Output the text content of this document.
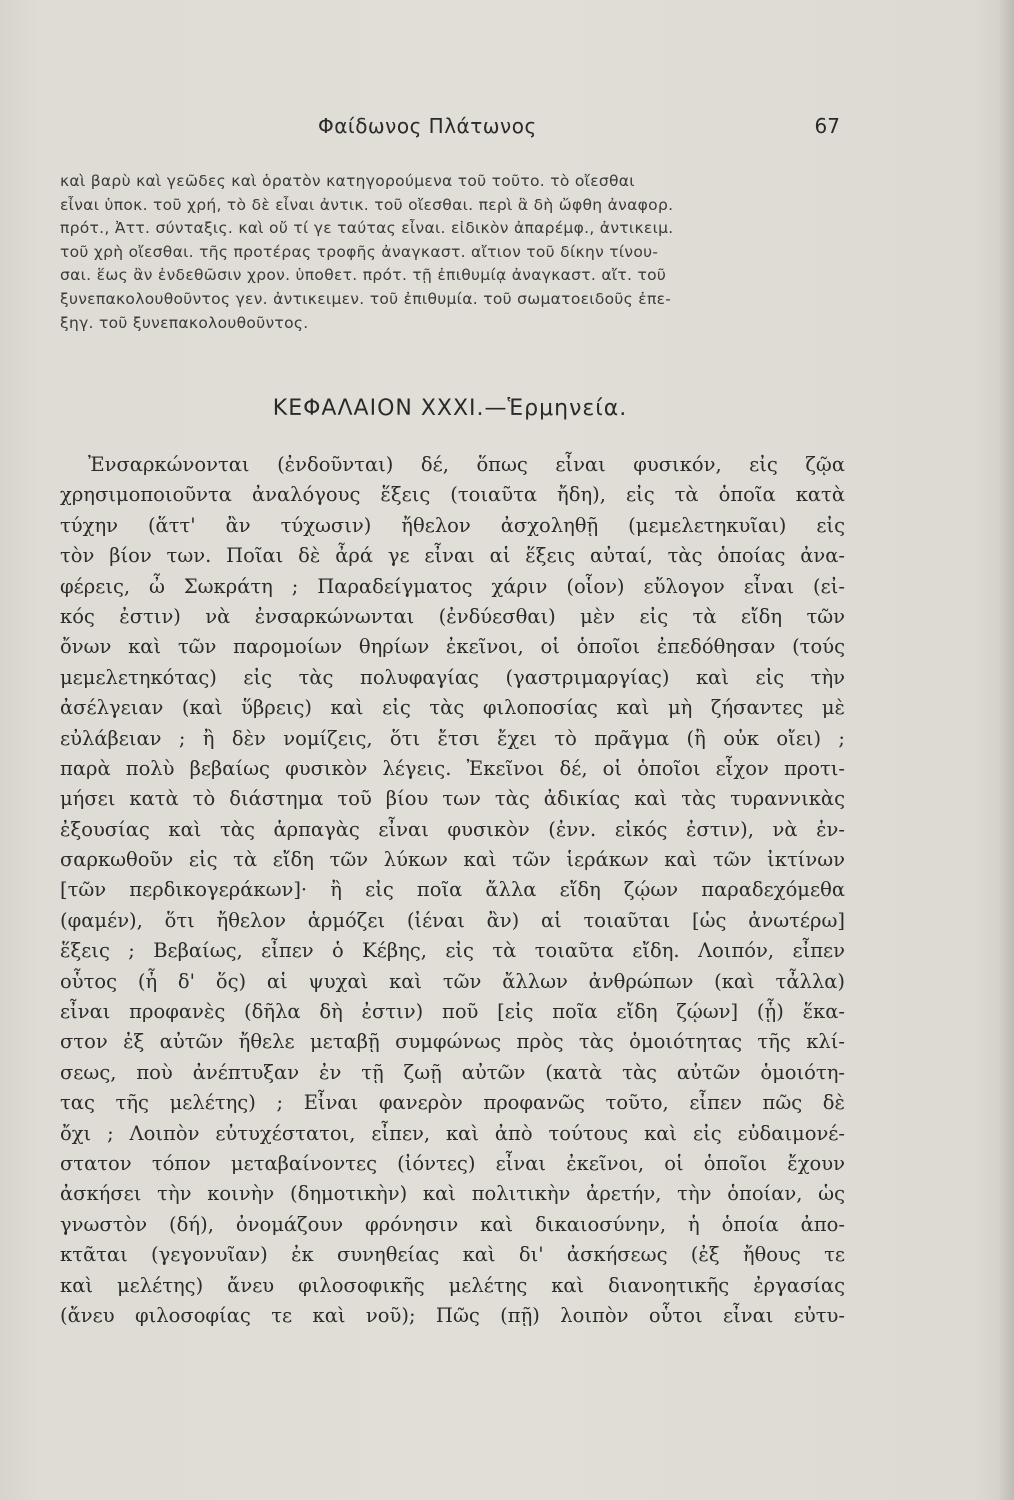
Φαίδωνος Πλάτωνος	67
καὶ βαρὺ καὶ γεῶδες καὶ ὁρατὸν κατηγορούμενα τοῦ τοῦτο. τὸ οἴεσθαι
εἶναι ὑποκ. τοῦ χρή, τὸ δὲ εἶναι ἀντικ. τοῦ οἴεσθαι. περὶ ἃ δὴ ὤφθη ἀναφορ.
πρότ., Ἀττ. σύνταξις. καὶ οὔ τί γε ταύτας εἶναι. εἰδικὸν ἀπαρέμφ., ἀντικειμ.
τοῦ χρὴ οἴεσθαι. τῆς προτέρας τροφῆς ἀναγκαστ. αἴτιον τοῦ δίκην τίνου-
σαι. ἕως ἂν ἐνδεθῶσιν χρον. ὑποθετ. πρότ. τῇ ἐπιθυμίᾳ ἀναγκαστ. αἴτ. τοῦ
ξυνεπακολουθοῦντος γεν. ἀντικειμεν. τοῦ ἐπιθυμία. τοῦ σωματοειδοῦς ἐπε-
ξηγ. τοῦ ξυνεπακολουθοῦντος.
ΚΕΦΑΛΑΙΟΝ XXXI.—Ἑρμηνεία.
Ἐνσαρκώνονται (ἐνδοῦνται) δέ, ὅπως εἶναι φυσικόν, εἰς ζῷα
χρησιμοποιοῦντα ἀναλόγους ἕξεις (τοιαῦτα ἤδη), εἰς τὰ ὁποῖα κατὰ
τύχην (ἅττ' ἂν τύχωσιν) ἤθελον ἀσχοληθῇ (μεμελετηκυῖαι) εἰς
τὸν βίον των. Ποῖαι δὲ ἆρά γε εἶναι αἱ ἕξεις αὐταί, τὰς ὁποίας ἀνα-
φέρεις, ὦ Σωκράτη ; Παραδείγματος χάριν (οἷον) εὔλογον εἶναι (εἰ-
κός ἐστιν) νὰ ἐνσαρκώνωνται (ἐνδύεσθαι) μὲν εἰς τὰ εἴδη τῶν
ὄνων καὶ τῶν παρομοίων θηρίων ἐκεῖνοι, οἱ ὁποῖοι ἐπεδόθησαν (τούς
μεμελετηκότας) εἰς τὰς πολυφαγίας (γαστριμαργίας) καὶ εἰς τὴν
ἀσέλγειαν (καὶ ὕβρεις) καὶ εἰς τὰς φιλοποσίας καὶ μὴ ζήσαντες μὲ
εὐλάβειαν ; ἢ δὲν νομίζεις, ὅτι ἔτσι ἔχει τὸ πρᾶγμα (ἢ οὐκ οἴει) ;
παρὰ πολὺ βεβαίως φυσικὸν λέγεις. Ἐκεῖνοι δέ, οἱ ὁποῖοι εἶχον προτι-
μήσει κατὰ τὸ διάστημα τοῦ βίου των τὰς ἀδικίας καὶ τὰς τυραννικὰς
ἐξουσίας καὶ τὰς ἁρπαγὰς εἶναι φυσικὸν (ἐνν. εἰκός ἐστιν), νὰ ἐν-
σαρκωθοῦν εἰς τὰ εἴδη τῶν λύκων καὶ τῶν ἱεράκων καὶ τῶν ἰκτίνων
[τῶν περδικογεράκων]· ἢ εἰς ποῖα ἄλλα εἴδη ζῴων παραδεχόμεθα
(φαμέν), ὅτι ἤθελον ἁρμόζει (ἰέναι ἂν) αἱ τοιαῦται [ὡς ἀνωτέρω]
ἕξεις ; Βεβαίως, εἶπεν ὁ Κέβης, εἰς τὰ τοιαῦτα εἴδη. Λοιπόν, εἶπεν
οὗτος (ἦ δ' ὅς) αἱ ψυχαὶ καὶ τῶν ἄλλων ἀνθρώπων (καὶ τἆλλα)
εἶναι προφανὲς (δῆλα δὴ ἐστιν) ποῦ [εἰς ποῖα εἴδη ζῴων] (ᾗ) ἕκα-
στον ἐξ αὐτῶν ἤθελε μεταβῇ συμφώνως πρὸς τὰς ὁμοιότητας τῆς κλί-
σεως, ποὺ ἀνέπτυξαν ἐν τῇ ζωῇ αὐτῶν (κατὰ τὰς αὐτῶν ὁμοιότη-
τας τῆς μελέτης) ; Εἶναι φανερὸν προφανῶς τοῦτο, εἶπεν πῶς δὲ
ὄχι ; Λοιπὸν εὐτυχέστατοι, εἶπεν, καὶ ἀπὸ τούτους καὶ εἰς εὐδαιμονέ-
στατον τόπον μεταβαίνοντες (ἰόντες) εἶναι ἐκεῖνοι, οἱ ὁποῖοι ἔχουν
ἀσκήσει τὴν κοινὴν (δημοτικὴν) καὶ πολιτικὴν ἀρετήν, τὴν ὁποίαν, ὡς
γνωστὸν (δή), ὀνομάζουν φρόνησιν καὶ δικαιοσύνην, ἡ ὁποία ἀπο-
κτᾶται (γεγονυῖαν) ἐκ συνηθείας καὶ δι' ἀσκήσεως (ἐξ ἤθους τε
καὶ μελέτης) ἄνευ φιλοσοφικῆς μελέτης καὶ διανοητικῆς ἐργασίας
(ἄνευ φιλοσοφίας τε καὶ νοῦ); Πῶς (πῇ) λοιπὸν οὗτοι εἶναι εὐτυ-
